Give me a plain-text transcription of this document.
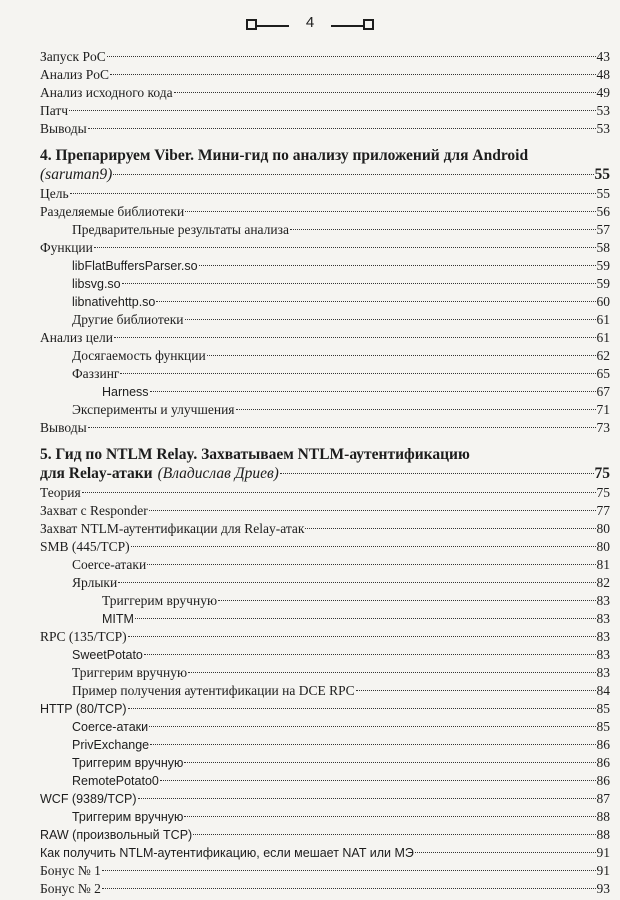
4
Запуск PoC	43
Анализ PoC	48
Анализ исходного кода	49
Патч	53
Выводы	53
4. Препарируем Viber. Мини-гид по анализу приложений для Android
(saruman9)	55
Цель	55
Разделяемые библиотеки	56
Предварительные результаты анализа	57
Функции	58
libFlatBuffersParser.so	59
libsvg.so	59
libnativehttp.so	60
Другие библиотеки	61
Анализ цели	61
Досягаемость функции	62
Фаззинг	65
Harness	67
Эксперименты и улучшения	71
Выводы	73
5. Гид по NTLM Relay. Захватываем NTLM-аутентификацию
для Relay-атаки (Владислав Дриев)	75
Теория	75
Захват с Responder	77
Захват NTLM-аутентификации для Relay-атак	80
SMB (445/TCP)	80
Coerce-атаки	81
Ярлыки	82
Триггерим вручную	83
MITM	83
RPC (135/TCP)	83
SweetPotato	83
Триггерим вручную	83
Пример получения аутентификации на DCE RPC	84
HTTP (80/TCP)	85
Coerce-атаки	85
PrivExchange	86
Триггерим вручную	86
RemotePotato0	86
WCF (9389/TCP)	87
Триггерим вручную	88
RAW (произвольный TCP)	88
Как получить NTLM-аутентификацию, если мешает NAT или МЭ	91
Бонус № 1	91
Бонус № 2	93
